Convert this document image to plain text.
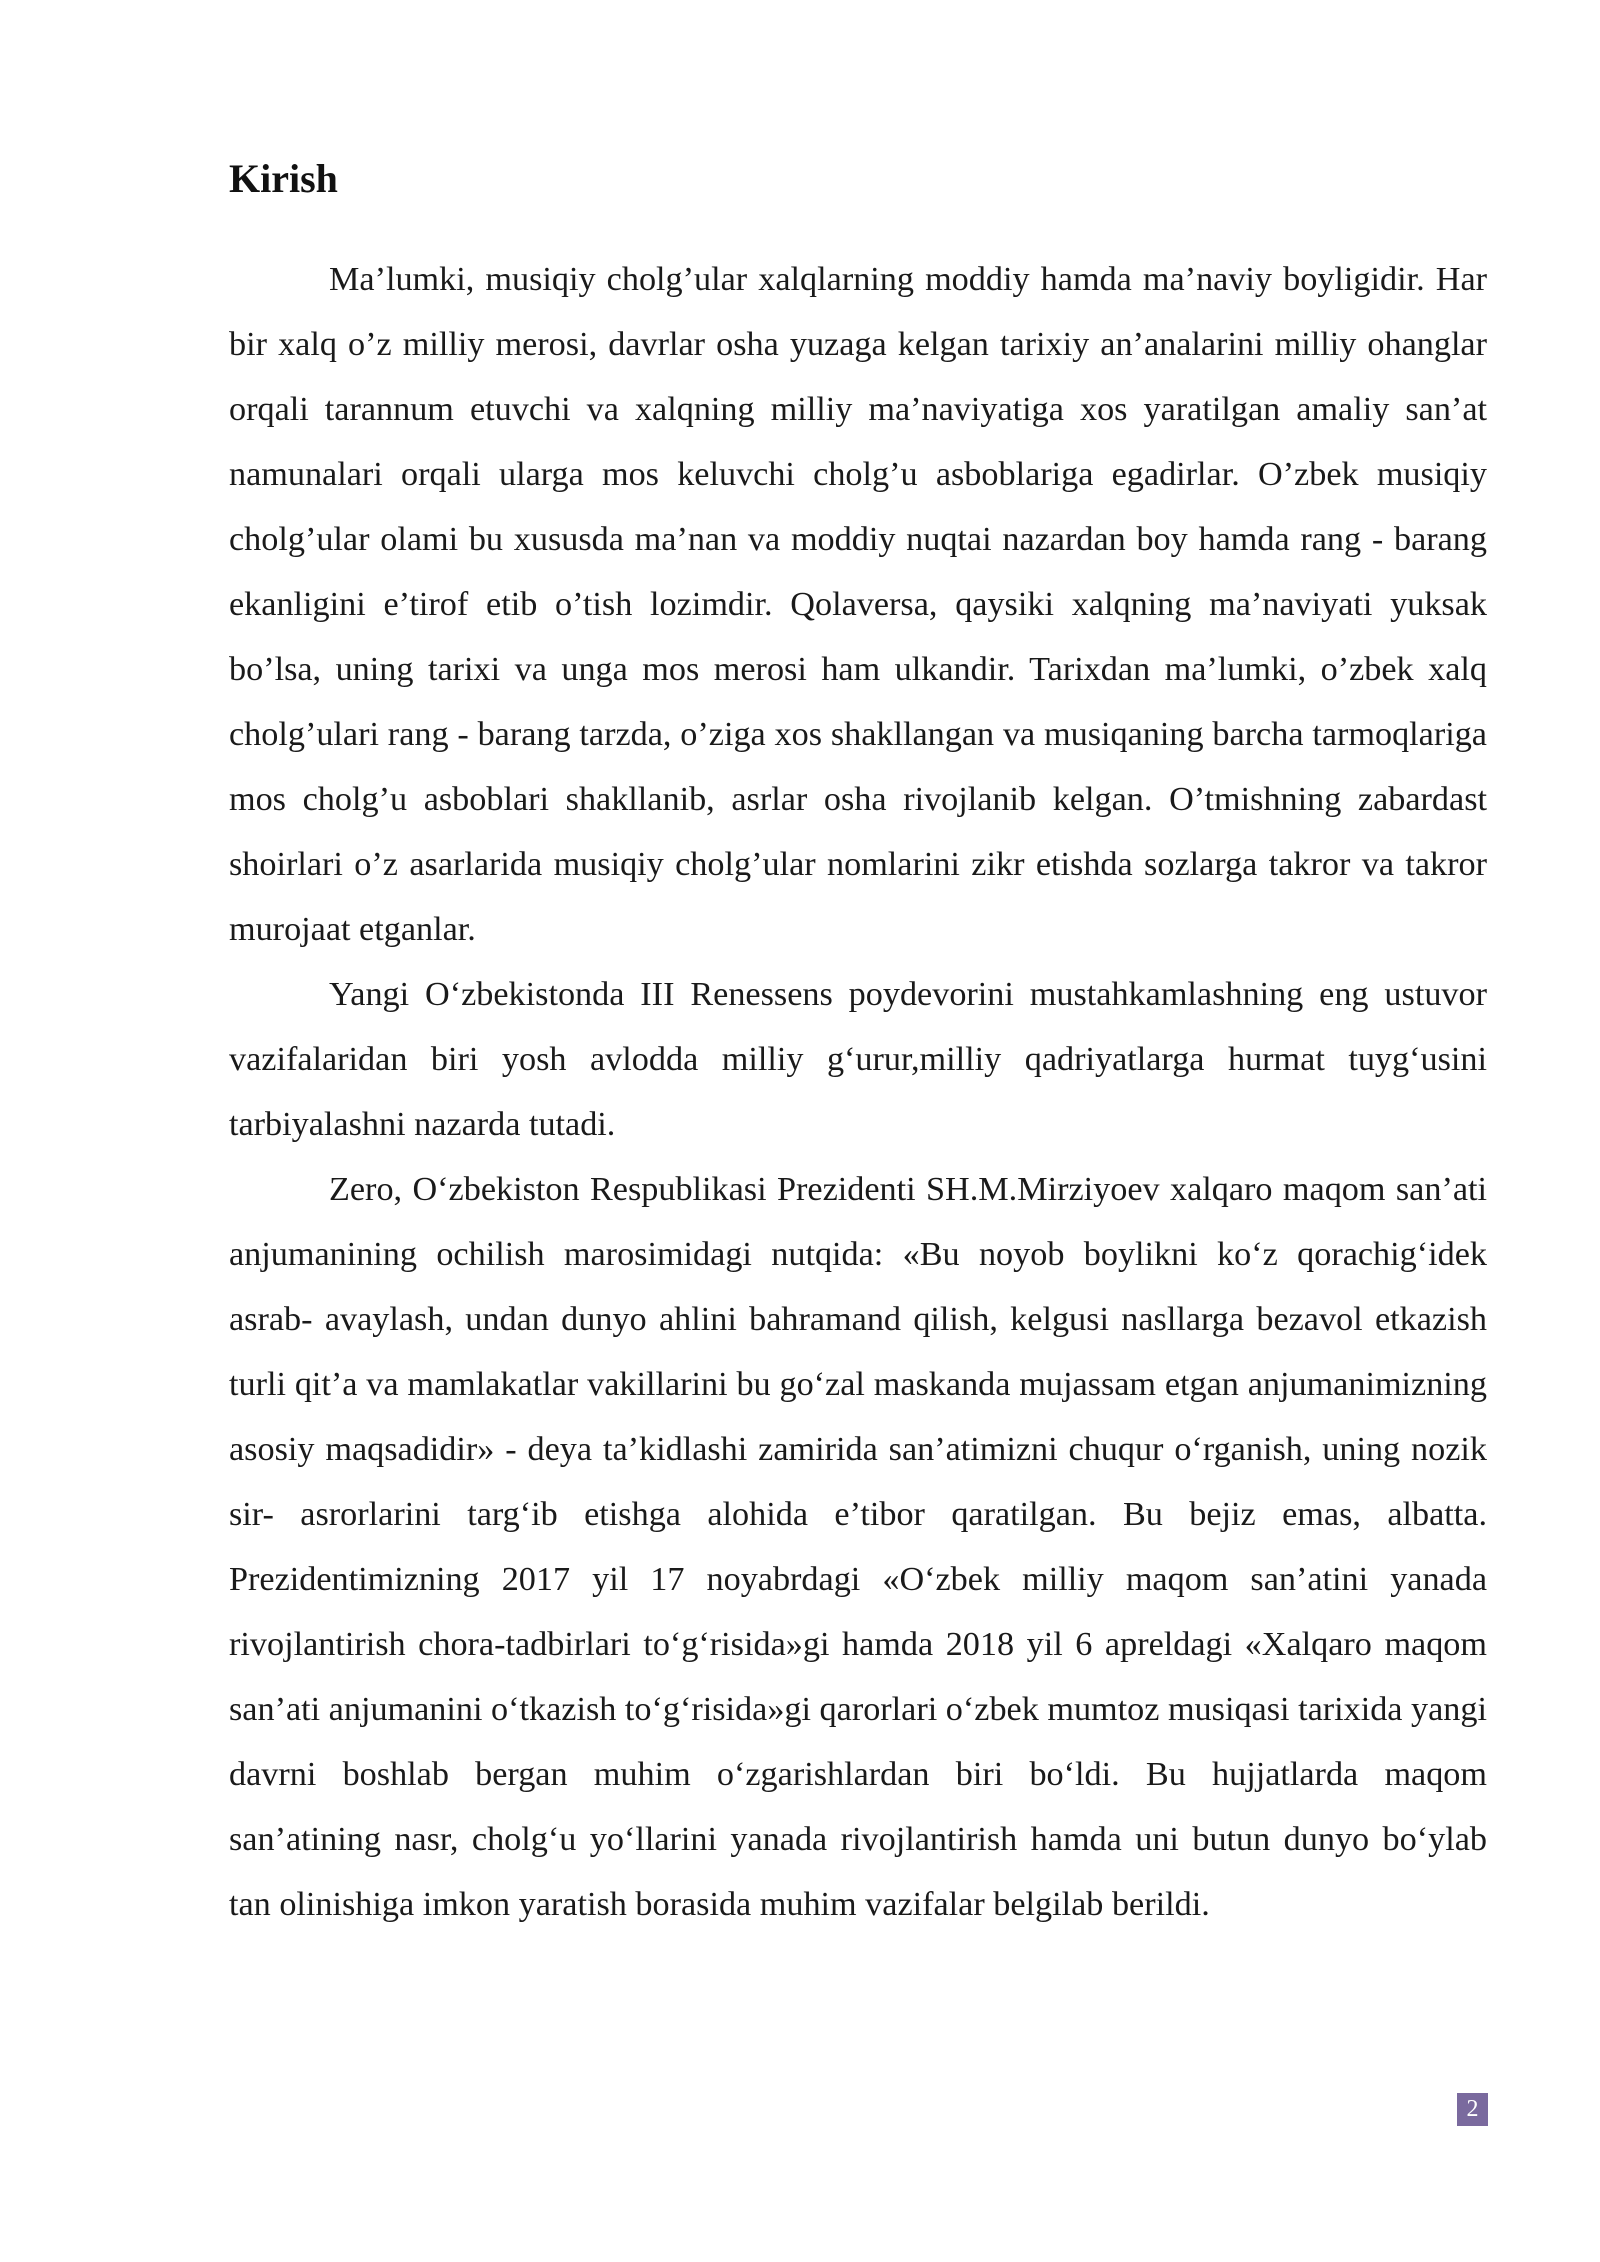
Kirish

Ma’lumki, musiqiy cholg’ular xalqlarning moddiy hamda ma’naviy boyligidir. Har bir xalq o’z milliy merosi, davrlar osha yuzaga kelgan tarixiy an’analarini milliy ohanglar orqali tarannum etuvchi va xalqning milliy ma’naviyatiga xos yaratilgan amaliy san’at namunalari orqali ularga mos keluvchi cholg’u asboblariga egadirlar. O’zbek musiqiy cholg’ular olami bu xususda ma’nan va moddiy nuqtai nazardan boy hamda rang - barang ekanligini e’tirof etib o’tish lozimdir. Qolaversa, qaysiki xalqning ma’naviyati yuksak bo’lsa, uning tarixi va unga mos merosi ham ulkandir. Tarixdan ma’lumki, o’zbek xalq cholg’ulari rang - barang tarzda, o’ziga xos shakllangan va musiqaning barcha tarmoqlariga mos cholg’u asboblari shakllanib, asrlar osha rivojlanib kelgan. O’tmishning zabardast shoirlari o’z asarlarida musiqiy cholg’ular nomlarini zikr etishda sozlarga takror va takror murojaat etganlar.

Yangi O‘zbekistonda III Renessens poydevorini mustahkamlashning eng ustuvor vazifalaridan biri yosh avlodda milliy g‘urur,milliy qadriyatlarga hurmat tuyg‘usini tarbiyalashni nazarda tutadi.

Zero, O‘zbekiston Respublikasi Prezidenti SH.M.Mirziyoev xalqaro maqom san’ati anjumanining ochilish marosimidagi nutqida: «Bu noyob boylikni ko‘z qorachig‘idek asrab- avaylash, undan dunyo ahlini bahramand qilish, kelgusi nasllarga bezavol etkazish turli qit’a va mamlakatlar vakillarini bu go‘zal maskanda mujassam etgan anjumanimizning asosiy maqsadidir» - deya ta’kidlashi zamirida san’atimizni chuqur o‘rganish, uning nozik sir- asrorlarini targ‘ib etishga alohida e’tibor qaratilgan. Bu bejiz emas, albatta. Prezidentimizning 2017 yil 17 noyabrdagi «O‘zbek milliy maqom san’atini yanada rivojlantirish chora-tadbirlari to‘g‘risida»gi hamda 2018 yil 6 apreldagi «Xalqaro maqom san’ati anjumanini o‘tkazish to‘g‘risida»gi qarorlari o‘zbek mumtoz musiqasi tarixida yangi davrni boshlab bergan muhim o‘zgarishlardan biri bo‘ldi. Bu hujjatlarda maqom san’atining nasr, cholg‘u yo‘llarini yanada rivojlantirish hamda uni butun dunyo bo‘ylab tan olinishiga imkon yaratish borasida muhim vazifalar belgilab berildi.

2
